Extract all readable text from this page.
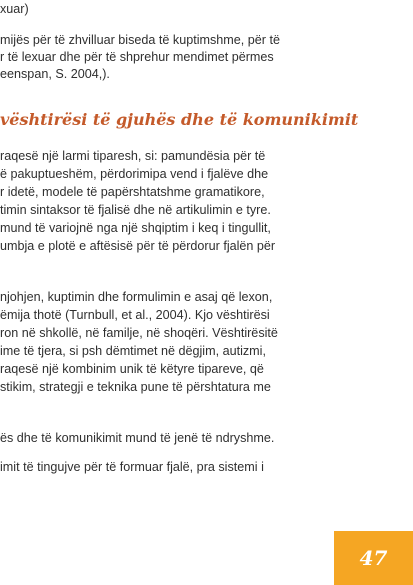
xuar)
mijës për të zhvilluar biseda të kuptimshme, për të
r të lexuar dhe për të shprehur mendimet përmes
eenspan, S. 2004,).
vështirësi të gjuhës dhe të komunikimit
raqesë një larmi tiparesh, si: pamundësia për të
ë pakuptueshëm, përdorimipa vend i fjalëve dhe
r idetë, modele të papërshtatshme gramatikore,
timin sintaksor të fjalisë dhe në artikulimin e tyre.
mund të variojnë nga një shqiptim i keq i tingullit,
umbja e plotë e aftësisë për të përdorur fjalën për
njohjen, kuptimin dhe formulimin e asaj që lexon,
ëmija thotë (Turnbull, et al., 2004). Kjo vështirësi
ron në shkollë, në familje, në shoqëri. Vështirësitë
ime të tjera, si psh dëmtimet në dëgjim, autizmi,
raqesë një kombinim unik të këtyre tipareve, që
stikim, strategji e teknika pune të përshtatura me
ës dhe të komunikimit mund të jenë të ndryshme.
imit të tingujve për të formuar fjalë, pra sistemi i
47
